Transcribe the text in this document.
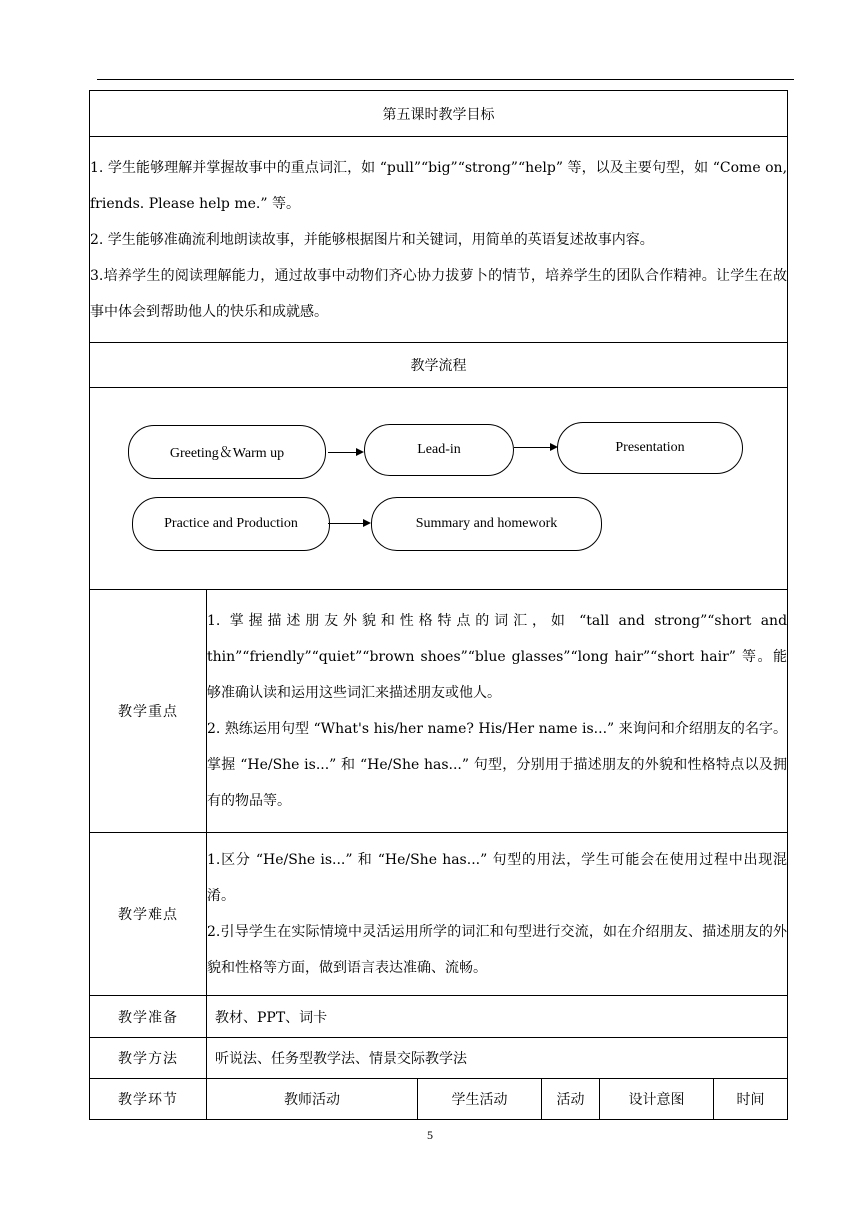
第五课时教学目标					

1. 学生能够理解并掌握故事中的重点词汇，如 “pull”“big”“strong”“help” 等，以及主要句型，如 “Come on, friends. Please help me.” 等。

2. 学生能够准确流利地朗读故事，并能够根据图片和关键词，用简单的英语复述故事内容。

3.培养学生的阅读理解能力，通过故事中动物们齐心协力拔萝卜的情节，培养学生的团队合作精神。让学生在故事中体会到帮助他人的快乐和成就感。					

教学流程					

Greeting＆Warm up Lead-in Presentation
Practice and Production Summary and homework					

教学重点	1. 掌握描述朋友外貌和性格特点的词汇，如 “tall and strong”“short and thin”“friendly”“quiet”“brown shoes”“blue glasses”“long hair”“short hair” 等。能够准确认读和运用这些词汇来描述朋友或他人。

2. 熟练运用句型 “What's his/her name? His/Her name is...” 来询问和介绍朋友的名字。掌握 “He/She is...” 和 “He/She has...” 句型，分别用于描述朋友的外貌和性格特点以及拥有的物品等。				

教学难点	1.区分 “He/She is...” 和 “He/She has...” 句型的用法，学生可能会在使用过程中出现混淆。

2.引导学生在实际情境中灵活运用所学的词汇和句型进行交流，如在介绍朋友、描述朋友的外貌和性格等方面，做到语言表达准确、流畅。				

教学准备	教材、PPT、词卡				
教学方法	听说法、任务型教学法、情景交际教学法				
教学环节	教师活动	学生活动	活动	设计意图	时间
5
